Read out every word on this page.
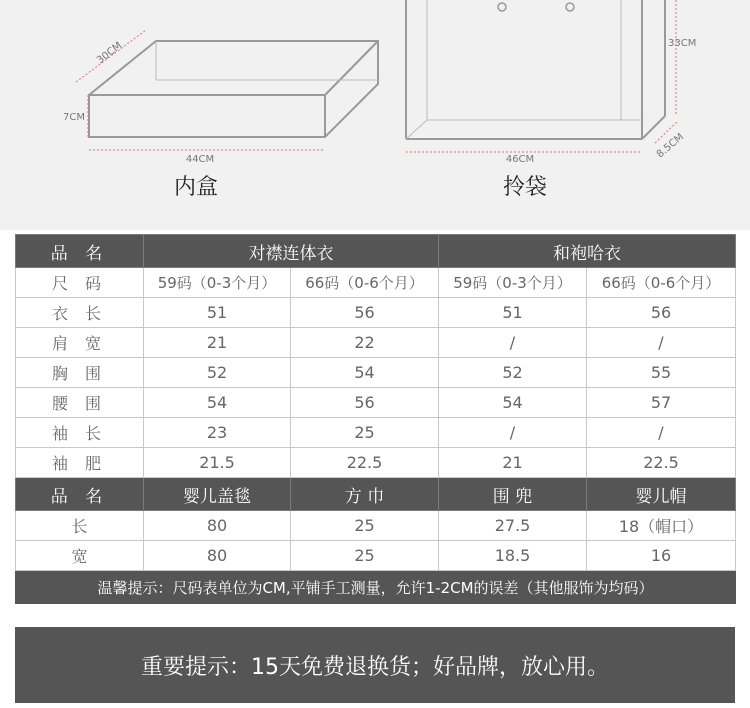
44CM
7CM
30CM
46CM
33CM
8.5CM
内盒	拎袋
品 名	对襟连体衣		和袍哈衣	
尺 码	59码（0-3个月）	66码（0-6个月）	59码（0-3个月）	66码（0-6个月）
衣 长	51	56	51	56
肩 宽	21	22	/	/
胸 围	52	54	52	55
腰 围	54	56	54	57
袖 长	23	25	/	/
袖 肥	21.5	22.5	21	22.5
品 名	婴儿盖毯	方 巾	围 兜	婴儿帽
长	80	25	27.5	18（帽口）
宽	80	25	18.5	16
温馨提示：尺码表单位为CM,平铺手工测量，允许1-2CM的误差（其他服饰为均码）				
重要提示：15天免费退换货；好品牌，放心用。
